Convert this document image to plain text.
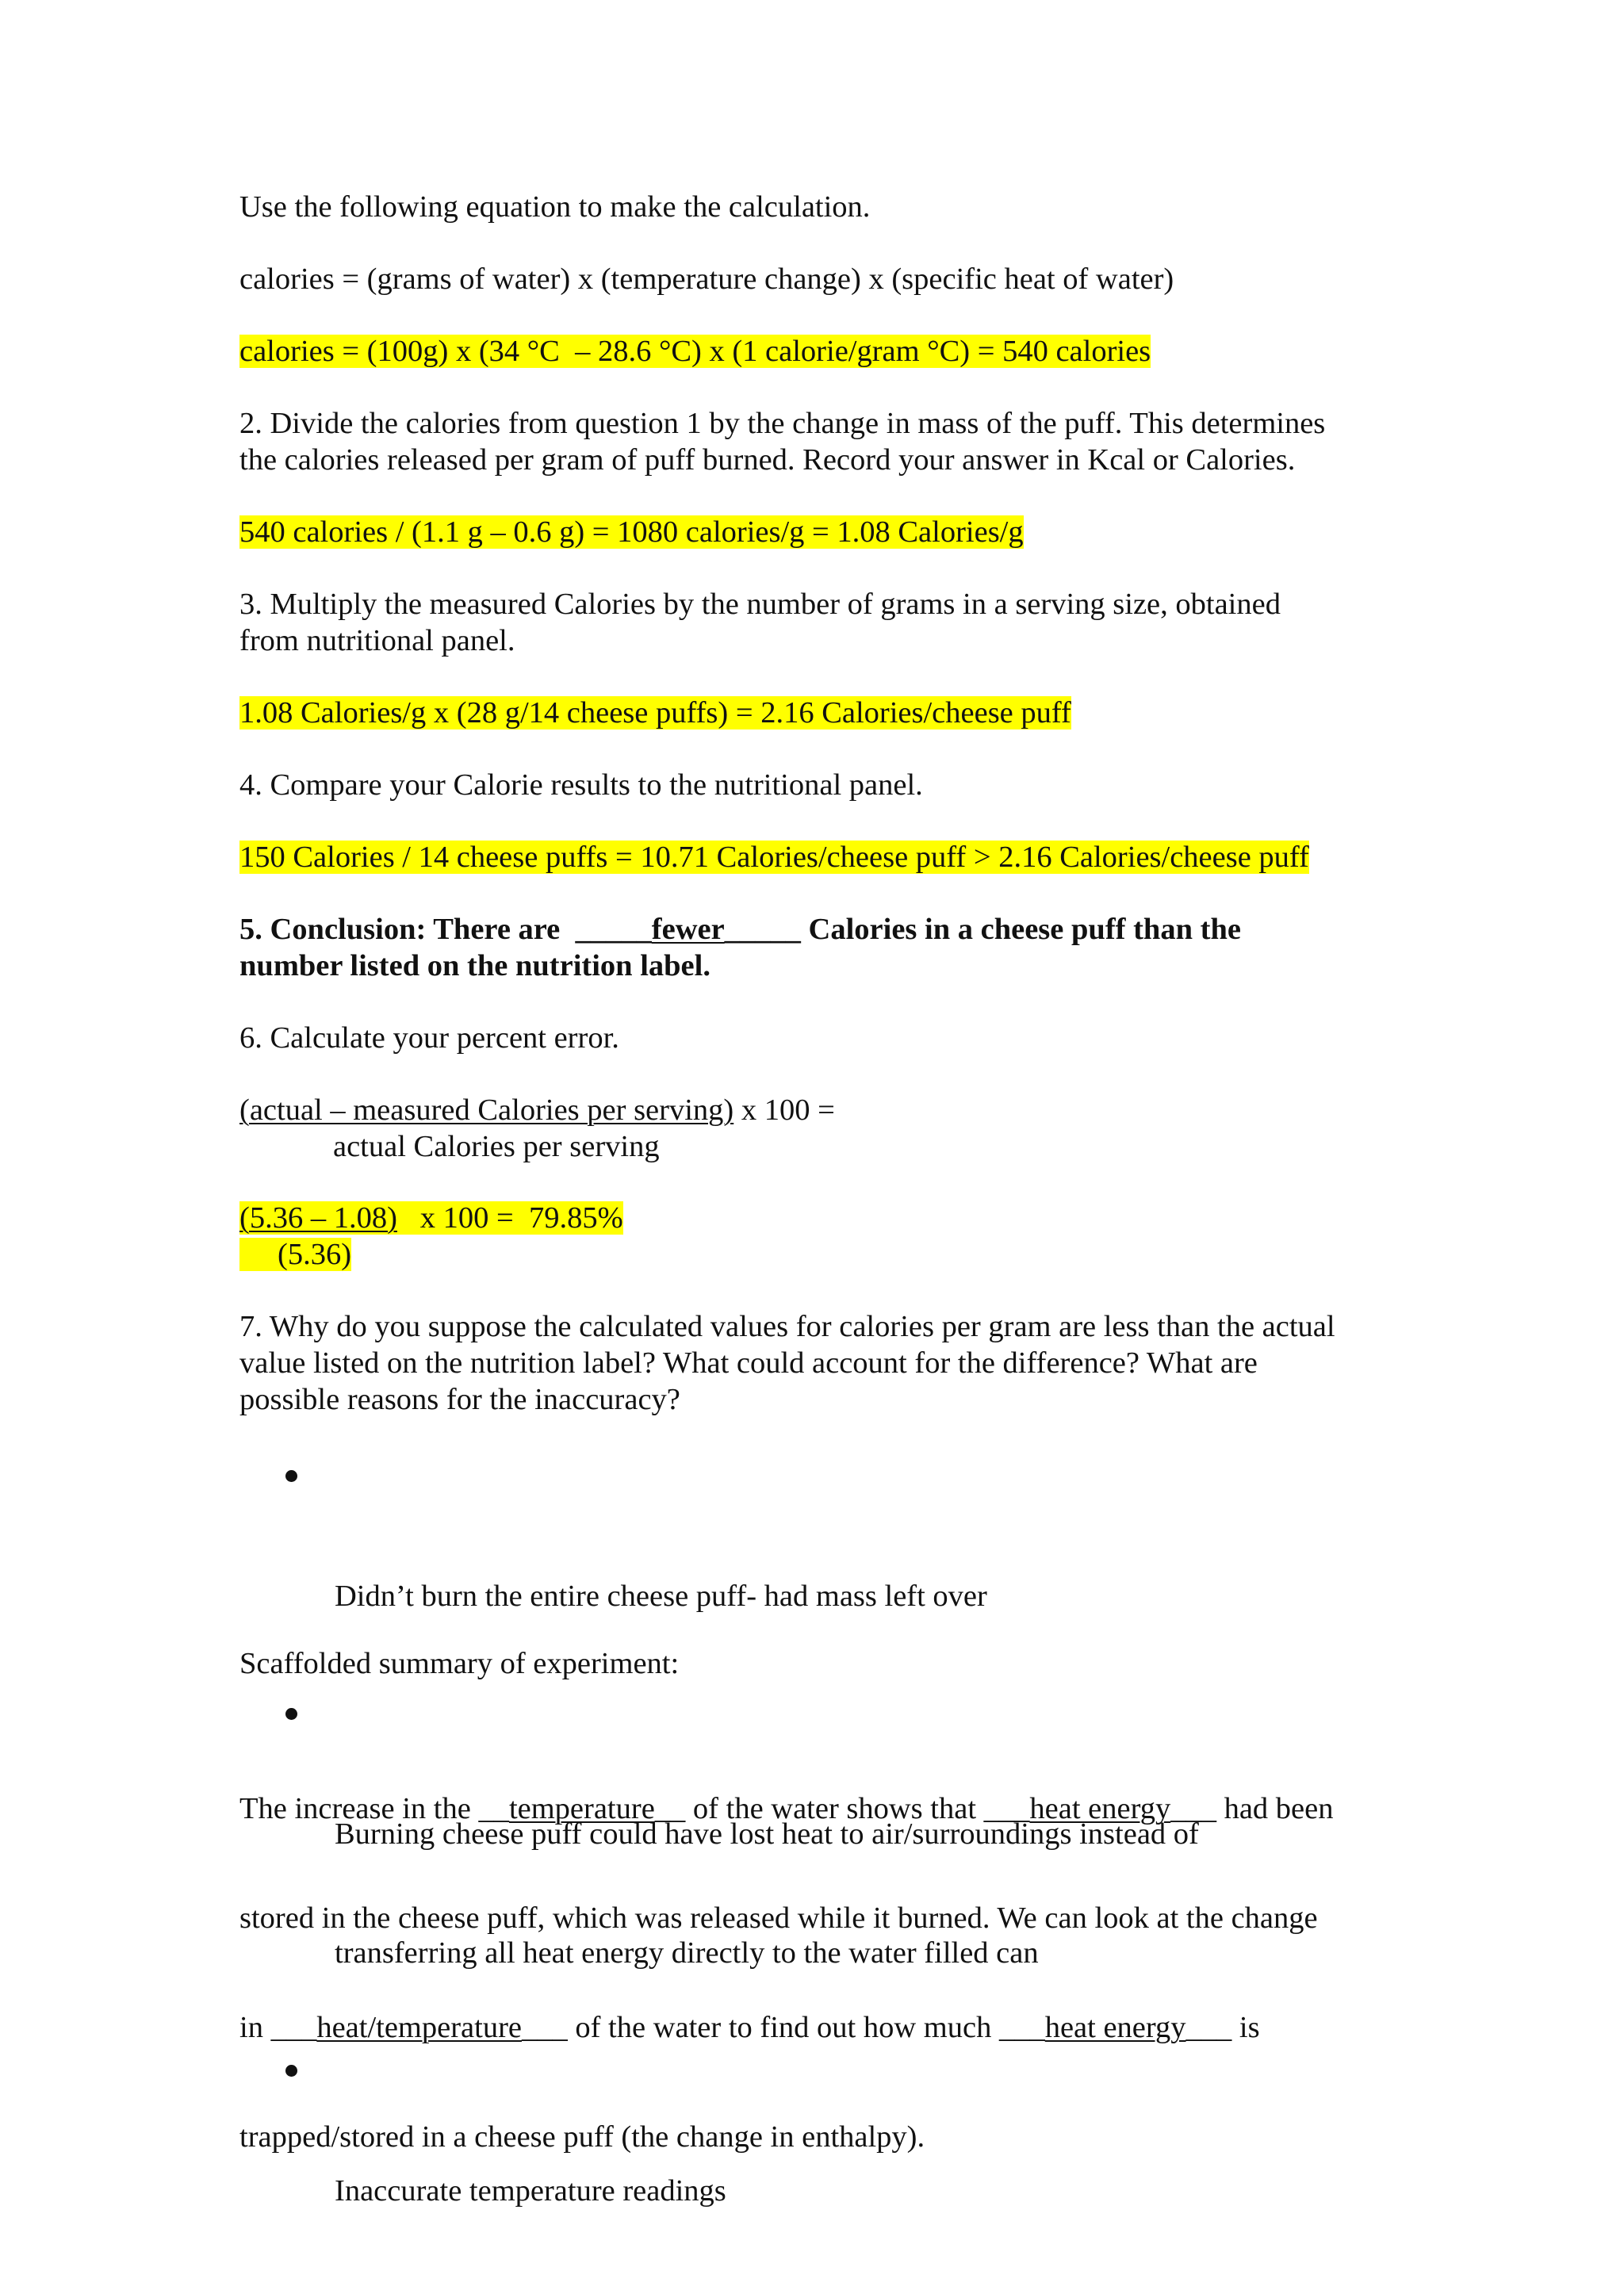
Use the following equation to make the calculation.
calories = (grams of water) x (temperature change) x (specific heat of water)
calories = (100g) x (34 °C  – 28.6 °C) x (1 calorie/gram °C) = 540 calories
2. Divide the calories from question 1 by the change in mass of the puff. This determines
the calories released per gram of puff burned. Record your answer in Kcal or Calories.
540 calories / (1.1 g – 0.6 g) = 1080 calories/g = 1.08 Calories/g
3. Multiply the measured Calories by the number of grams in a serving size, obtained
from nutritional panel.
1.08 Calories/g x (28 g/14 cheese puffs) = 2.16 Calories/cheese puff
4. Compare your Calorie results to the nutritional panel.
150 Calories / 14 cheese puffs = 10.71 Calories/cheese puff > 2.16 Calories/cheese puff
5. Conclusion: There are  _____fewer_____ Calories in a cheese puff than the
number listed on the nutrition label.
6. Calculate your percent error.
(actual – measured Calories per serving) x 100 =
actual Calories per serving
(5.36 – 1.08)   x 100 =  79.85%
(5.36)
7. Why do you suppose the calculated values for calories per gram are less than the actual
value listed on the nutrition label? What could account for the difference? What are
possible reasons for the inaccuracy?

Didn’t burn the entire cheese puff- had mass left over

Burning cheese puff could have lost heat to air/surroundings instead of

transferring all heat energy directly to the water filled can

Inaccurate temperature readings

Scaffolded summary of experiment:

The increase in the __temperature__ of the water shows that ___heat energy___ had been

stored in the cheese puff, which was released while it burned. We can look at the change

in ___heat/temperature___ of the water to find out how much ___heat energy___ is

trapped/stored in a cheese puff (the change in enthalpy).
